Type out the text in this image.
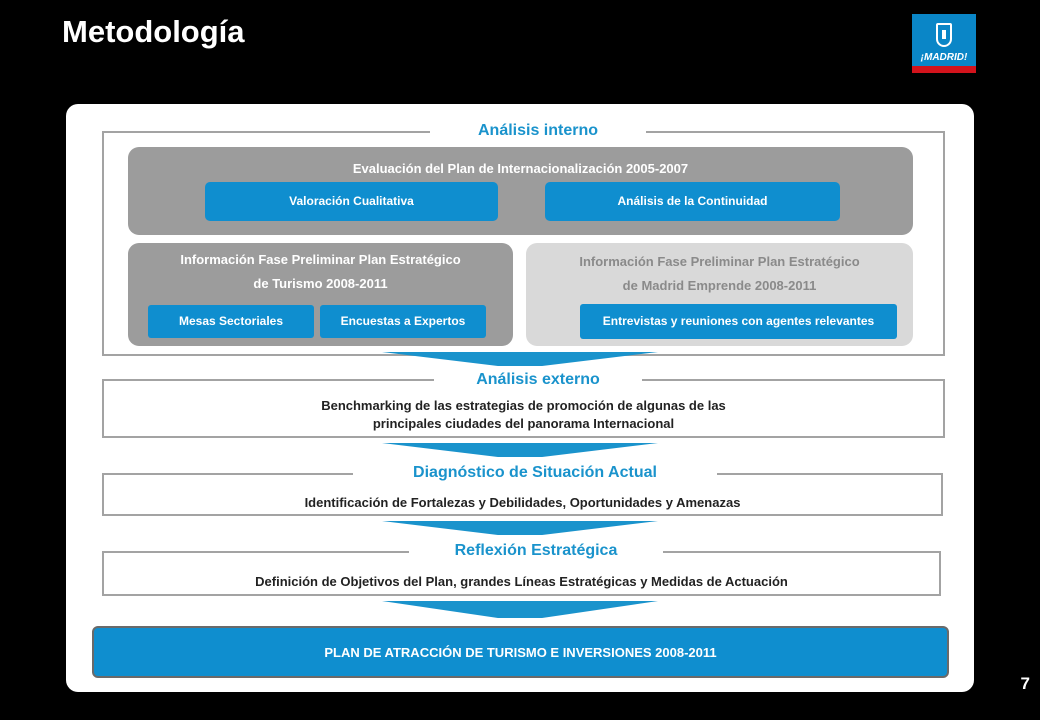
Metodología
¡MADRID!
Análisis interno
Evaluación del Plan de Internacionalización 2005-2007
Valoración Cualitativa	Análisis de la Continuidad
Información Fase Preliminar Plan Estratégico
de Turismo 2008-2011
Mesas Sectoriales	Encuestas a Expertos
Información Fase Preliminar Plan Estratégico
de Madrid Emprende 2008-2011
Entrevistas y reuniones con agentes relevantes
Benchmarking de las estrategias de promoción de algunas de las
principales ciudades del panorama Internacional
Análisis externo
Identificación de Fortalezas y Debilidades, Oportunidades y Amenazas
Diagnóstico de Situación Actual
Definición de Objetivos del Plan, grandes Líneas Estratégicas y Medidas de Actuación
Reflexión Estratégica
PLAN DE ATRACCIÓN DE TURISMO E INVERSIONES 2008-2011
7
